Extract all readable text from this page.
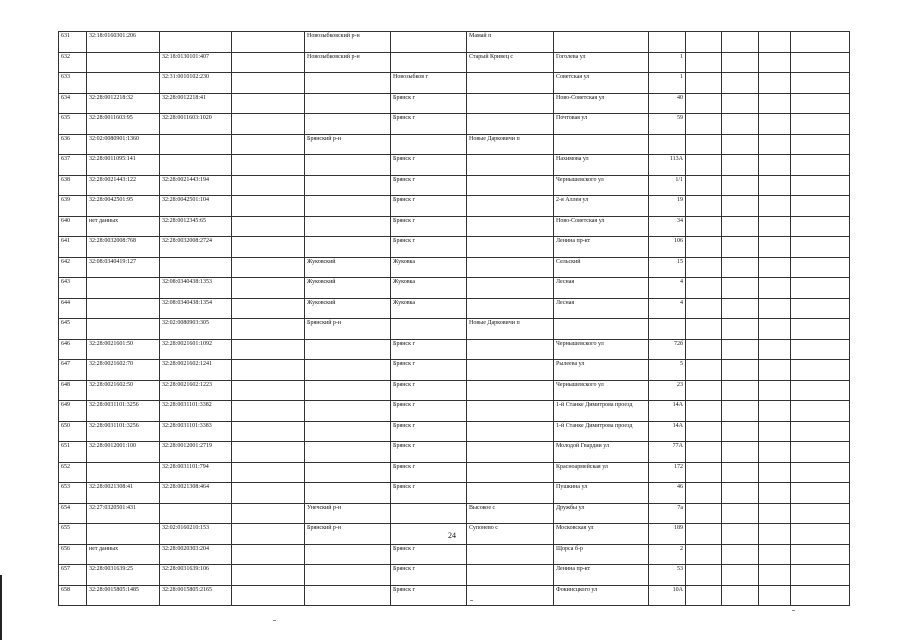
631	32:18:0160301:206			Новозыбковский р-н		Мамай п						
632		32:18:0130101:407		Новозыбковский р-н		Старый Кривец с	Гоголева ул	1				
633		32:31:0010102:230			Новозыбков г		Советская ул	1				
634	32:28:0012218:32	32:28:0012218:41			Брянск г		Ново-Советская ул	40				
635	32:28:0011603:95	32:28:0011603:1020			Брянск г		Почтовая ул	59				
636	32:02:0080901:1360			Брянский р-н		Новые Дарковичи п						
637	32:28:0011095:141				Брянск г		Нахимова ул	113А				
638	32:28:0021443:122	32:28:0021443:194			Брянск г		Чернышевского ул	1/1				
639	32:28:0042501:95	32:28:0042501:104			Брянск г		2-я Аллея ул	19				
640	нет данных	32:28:0012345:65			Брянск г		Ново-Советская ул	34				
641	32:28:0032008:768	32:28:0032008:2724			Брянск г		Ленина пр-кт	106				
642	32:08:0340419:127			Жуковский	Жуковка		Сельский	15				
643		32:08:0340438:1353		Жуковский	Жуковка		Лесная	4				
644		32:08:0340438:1354		Жуковский	Жуковка		Лесная	4				
645		32:02:0080903:305		Брянский р-н		Новые Дарковичи п						
646	32:28:0021601:50	32:28:0021601:1092			Брянск г		Чернышевского ул	72б				
647	32:28:0021602:70	32:28:0021602:1241			Брянск г		Рылеева ул	5				
648	32:28:0021602:50	32:28:0021602:1223			Брянск г		Чернышевского ул	23				
649	32:28:0031101:3256	32:28:0031101:3382			Брянск г		1-й Станке Димитрова проезд	14А				
650	32:28:0031101:3256	32:28:0031101:3383			Брянск г		1-й Станке Димитрова проезд	14А				
651	32:28:0012001:100	32:28:0012001:2719			Брянск г		Молодой Гвардии ул	77А				
652		32:28:0031101:794			Брянск г		Красноармейская ул	172				
653	32:28:0021308:41	32:28:0021308:464			Брянск г		Пушкина ул	46				
654	32:27:0320501:431			Унечский р-н		Высокое с	Дружбы ул	7а				
655		32:02:0160210:153		Брянский р-н		Супонево с	Московская ул	189				
656	нет данных	32:28:0020303:204			Брянск г		Щорса б-р	2				
657	32:28:0031639:25	32:28:0031639:106			Брянск г		Ленина пр-кт	53				
658	32:28:0015805:1485	32:28:0015805:2165			Брянск г		Фокинсцкого ул	10А				
24
